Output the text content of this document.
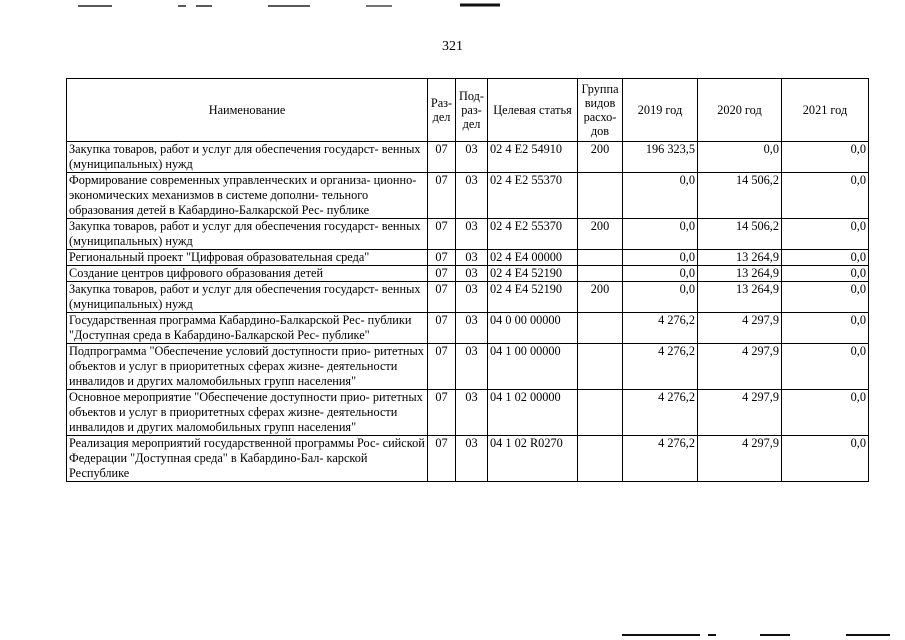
321
Наименование	Раз- дел	Под- раз- дел	Целевая статья	Группа видов расхо- дов	2019 год	2020 год	2021 год
Закупка товаров, работ и услуг для обеспечения государст- венных (муниципальных) нужд	07	03	02 4 E2 54910	200	196 323,5	0,0	0,0
Формирование современных управленческих и организа- ционно-экономических механизмов в системе дополни- тельного образования детей в Кабардино-Балкарской Рес- публике	07	03	02 4 E2 55370		0,0	14 506,2	0,0
Закупка товаров, работ и услуг для обеспечения государст- венных (муниципальных) нужд	07	03	02 4 E2 55370	200	0,0	14 506,2	0,0
Региональный проект "Цифровая образовательная среда"	07	03	02 4 E4 00000		0,0	13 264,9	0,0
Создание центров цифрового образования детей	07	03	02 4 E4 52190		0,0	13 264,9	0,0
Закупка товаров, работ и услуг для обеспечения государст- венных (муниципальных) нужд	07	03	02 4 E4 52190	200	0,0	13 264,9	0,0
Государственная программа Кабардино-Балкарской Рес- публики "Доступная среда в Кабардино-Балкарской Рес- публике"	07	03	04 0 00 00000		4 276,2	4 297,9	0,0
Подпрограмма "Обеспечение условий доступности прио- ритетных объектов и услуг в приоритетных сферах жизне- деятельности инвалидов и других маломобильных групп населения"	07	03	04 1 00 00000		4 276,2	4 297,9	0,0
Основное мероприятие "Обеспечение доступности прио- ритетных объектов и услуг в приоритетных сферах жизне- деятельности инвалидов и других маломобильных групп населения"	07	03	04 1 02 00000		4 276,2	4 297,9	0,0
Реализация мероприятий государственной программы Рос- сийской Федерации "Доступная среда" в Кабардино-Бал- карской Республике	07	03	04 1 02 R0270		4 276,2	4 297,9	0,0
